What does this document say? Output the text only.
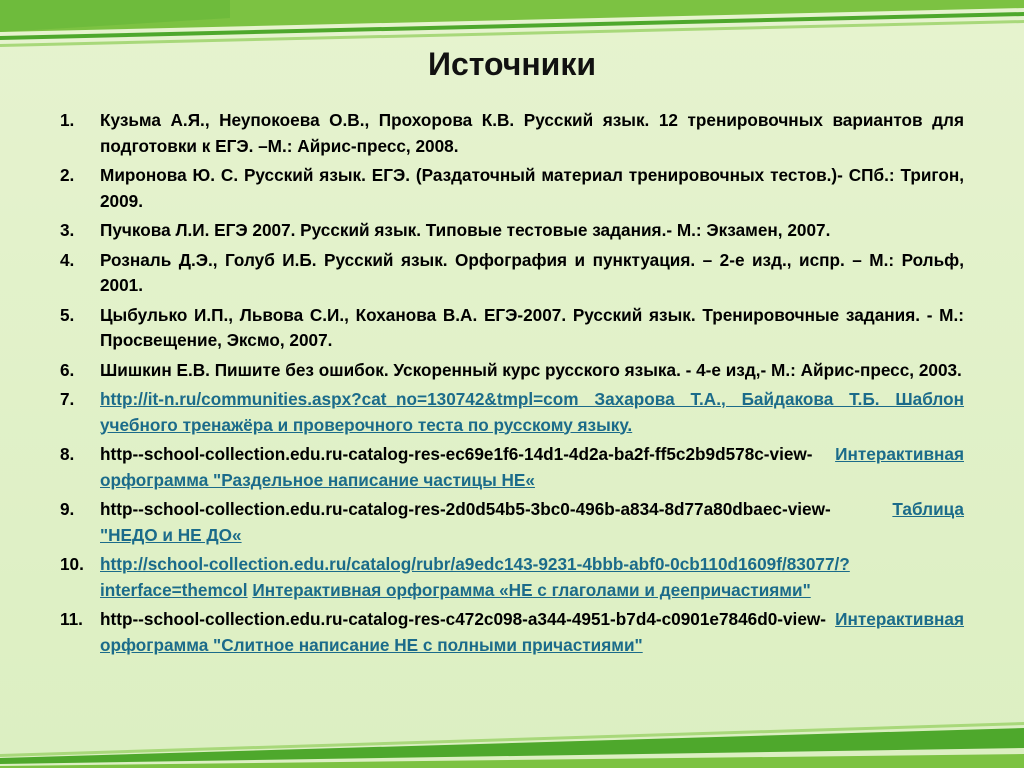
Источники
1.	Кузьма А.Я., Неупокоева О.В., Прохорова К.В. Русский язык. 12 тренировочных вариантов для подготовки к ЕГЭ. –М.: Айрис-пресс, 2008.
2.	Миронова Ю. С. Русский язык. ЕГЭ. (Раздаточный материал тренировочных тестов.)- СПб.: Тригон, 2009.
3.	Пучкова Л.И. ЕГЭ 2007. Русский язык. Типовые тестовые задания.- М.: Экзамен, 2007.
4.	Розналь Д.Э., Голуб И.Б. Русский язык. Орфография и пунктуация. – 2-е изд., испр. – М.: Рольф, 2001.
5.	Цыбулько И.П., Львова С.И., Коханова В.А. ЕГЭ-2007. Русский язык. Тренировочные задания. - М.: Просвещение, Эксмо, 2007.
6.	Шишкин Е.В. Пишите без ошибок. Ускоренный курс русского языка. - 4-е изд,- М.: Айрис-пресс, 2003.
7.	http://it-n.ru/communities.aspx?cat_no=130742&tmpl=com Захарова Т.А., Байдакова Т.Б. Шаблон учебного тренажёра и проверочного теста по русскому языку.
8.	http--school-collection.edu.ru-catalog-res-ec69e1f6-14d1-4d2a-ba2f-ff5c2b9d578c-view- Интерактивная орфограмма "Раздельное написание частицы НЕ«
9.	http--school-collection.edu.ru-catalog-res-2d0d54b5-3bc0-496b-a834-8d77a80dbaec-view-	Таблица "НЕДО и НЕ ДО«
10. http://school-collection.edu.ru/catalog/rubr/a9edc143-9231-4bbb-abf0-0cb110d1609f/83077/?interface=themcol Интерактивная орфограмма «НЕ с глаголами и деепричастиями"
11. http--school-collection.edu.ru-catalog-res-c472c098-a344-4951-b7d4-c0901e7846d0-view- Интерактивная орфограмма "Слитное написание НЕ с полными причастиями"
